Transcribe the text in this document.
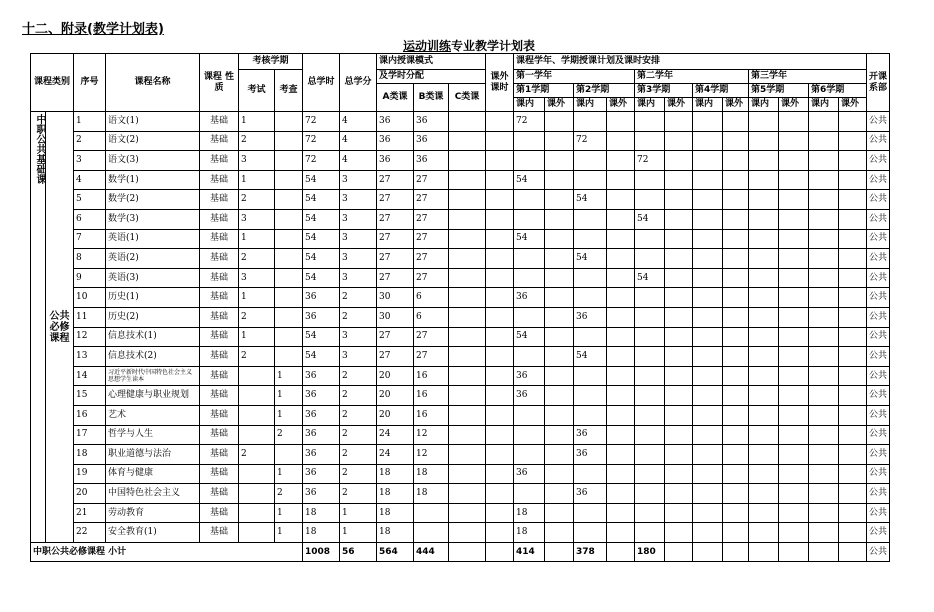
十二、附录(教学计划表)
运动训练专业教学计划表
课程类别		序号	课程名称	课程 性质	考核学期		总学时	总学分	课内授课模式			课外课时	课程学年、学期授课计划及课时安排												开课系部
					考试	考查			及学时分配				第一学年				第二学年				第三学年				
									A类课	B类课	C类课		第1学期		第2学期		第3学期		第4学期		第5学期		第6学期		
													课内	课外	课内	课外	课内	课外	课内	课外	课内	课外	课内	课外	
中职公共基础课	公共必修课程	1	语文(1)	基础	1		72	4	36	36			72												公共
		2	语文(2)	基础	2		72	4	36	36					72										公共
		3	语文(3)	基础	3		72	4	36	36							72								公共
		4	数学(1)	基础	1		54	3	27	27			54												公共
		5	数学(2)	基础	2		54	3	27	27					54										公共
		6	数学(3)	基础	3		54	3	27	27							54								公共
		7	英语(1)	基础	1		54	3	27	27			54												公共
		8	英语(2)	基础	2		54	3	27	27					54										公共
		9	英语(3)	基础	3		54	3	27	27							54								公共
		10	历史(1)	基础	1		36	2	30	6			36												公共
		11	历史(2)	基础	2		36	2	30	6					36										公共
		12	信息技术(1)	基础	1		54	3	27	27			54												公共
		13	信息技术(2)	基础	2		54	3	27	27					54										公共
		14	习近平新时代中国特色社会主义思想学生读本	基础		1	36	2	20	16			36												公共
		15	心理健康与职业规划	基础		1	36	2	20	16			36												公共
		16	艺术	基础		1	36	2	20	16															公共
		17	哲学与人生	基础		2	36	2	24	12					36										公共
		18	职业道德与法治	基础	2		36	2	24	12					36										公共
		19	体育与健康	基础		1	36	2	18	18			36												公共
		20	中国特色社会主义	基础		2	36	2	18	18					36										公共
		21	劳动教育	基础		1	18	1	18				18												公共
		22	安全教育(1)	基础		1	18	1	18				18												公共
中职公共必修课程 小计							1008	56	564	444			414		378		180								公共
